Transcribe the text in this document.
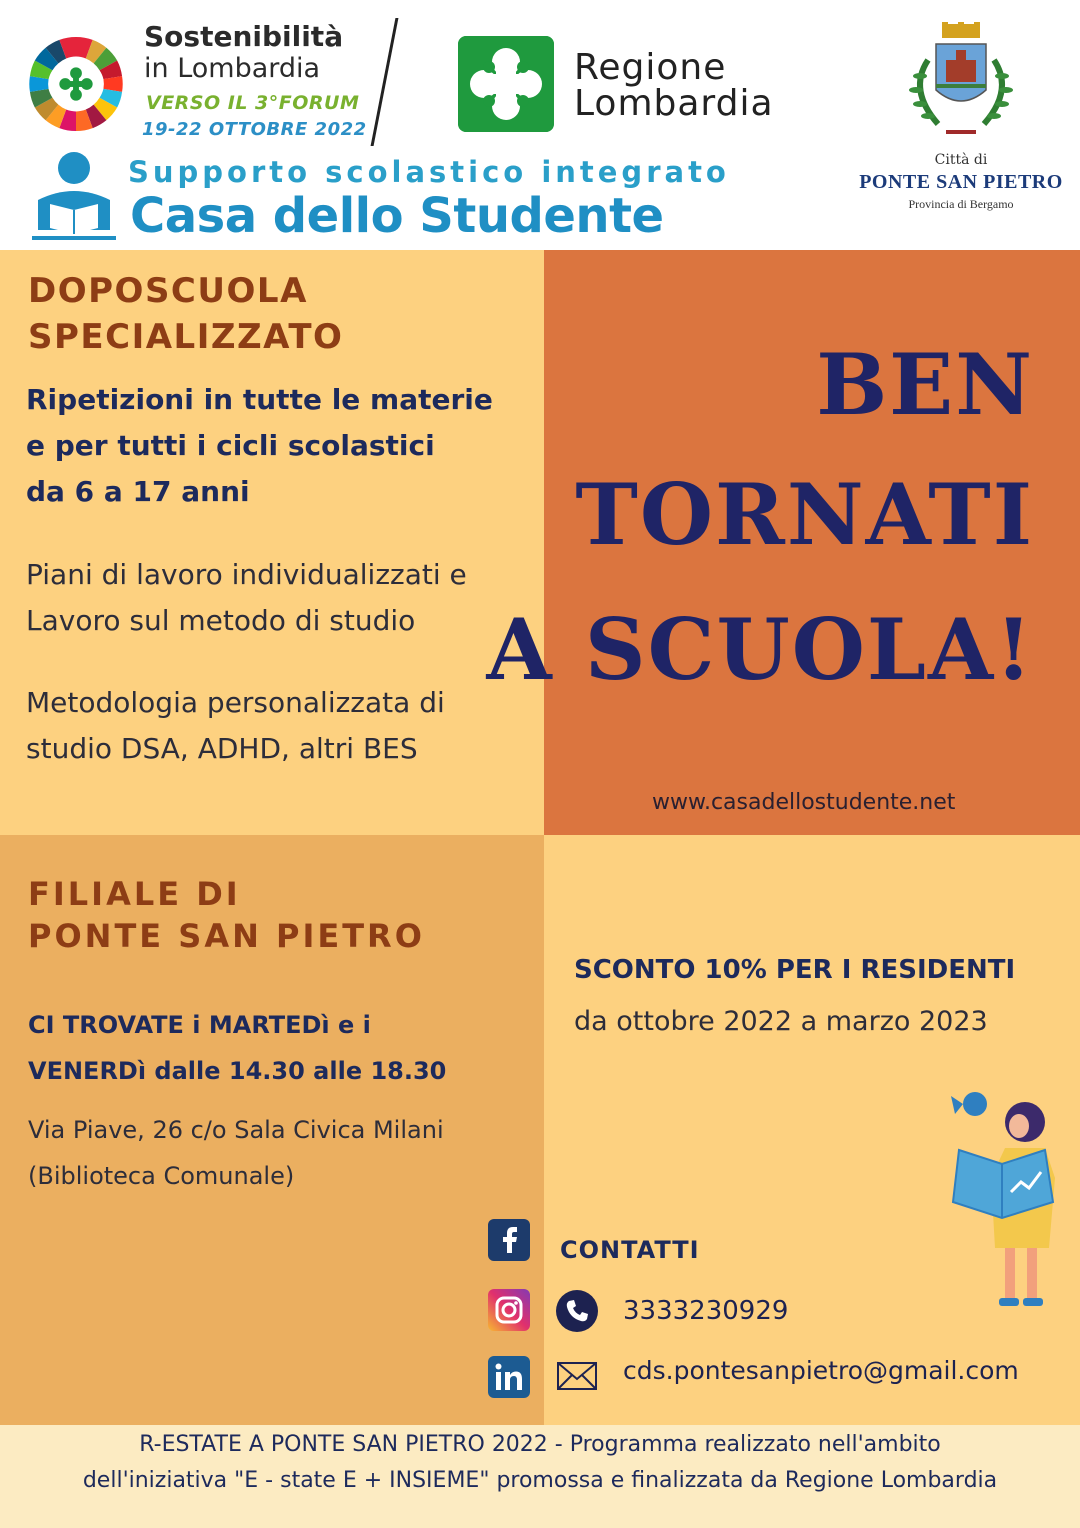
Sostenibilità
in Lombardia
VERSO IL 3°FORUM
19-22 OTTOBRE 2022
Regione
Lombardia
Supporto scolastico integrato
Casa dello Studente
Città di
PONTE SAN PIETRO
Provincia di Bergamo
DOPOSCUOLA
SPECIALIZZATO
Ripetizioni in tutte le materie
e per tutti i cicli scolastici
da 6 a 17 anni
Piani di lavoro individualizzati e
Lavoro sul metodo di studio
Metodologia personalizzata di
studio DSA, ADHD, altri BES
BEN
TORNATI
A SCUOLA!
www.casadellostudente.net
FILIALE DI
PONTE SAN PIETRO
CI TROVATE i MARTEDì e i
VENERDì dalle 14.30 alle 18.30
Via Piave, 26 c/o Sala Civica Milani
(Biblioteca Comunale)
SCONTO 10% PER I RESIDENTI
da ottobre 2022 a marzo 2023
CONTATTI
3333230929
cds.pontesanpietro@gmail.com
R-ESTATE A PONTE SAN PIETRO 2022 - Programma realizzato nell'ambito
dell'iniziativa "E - state E + INSIEME" promossa e finalizzata da Regione Lombardia
